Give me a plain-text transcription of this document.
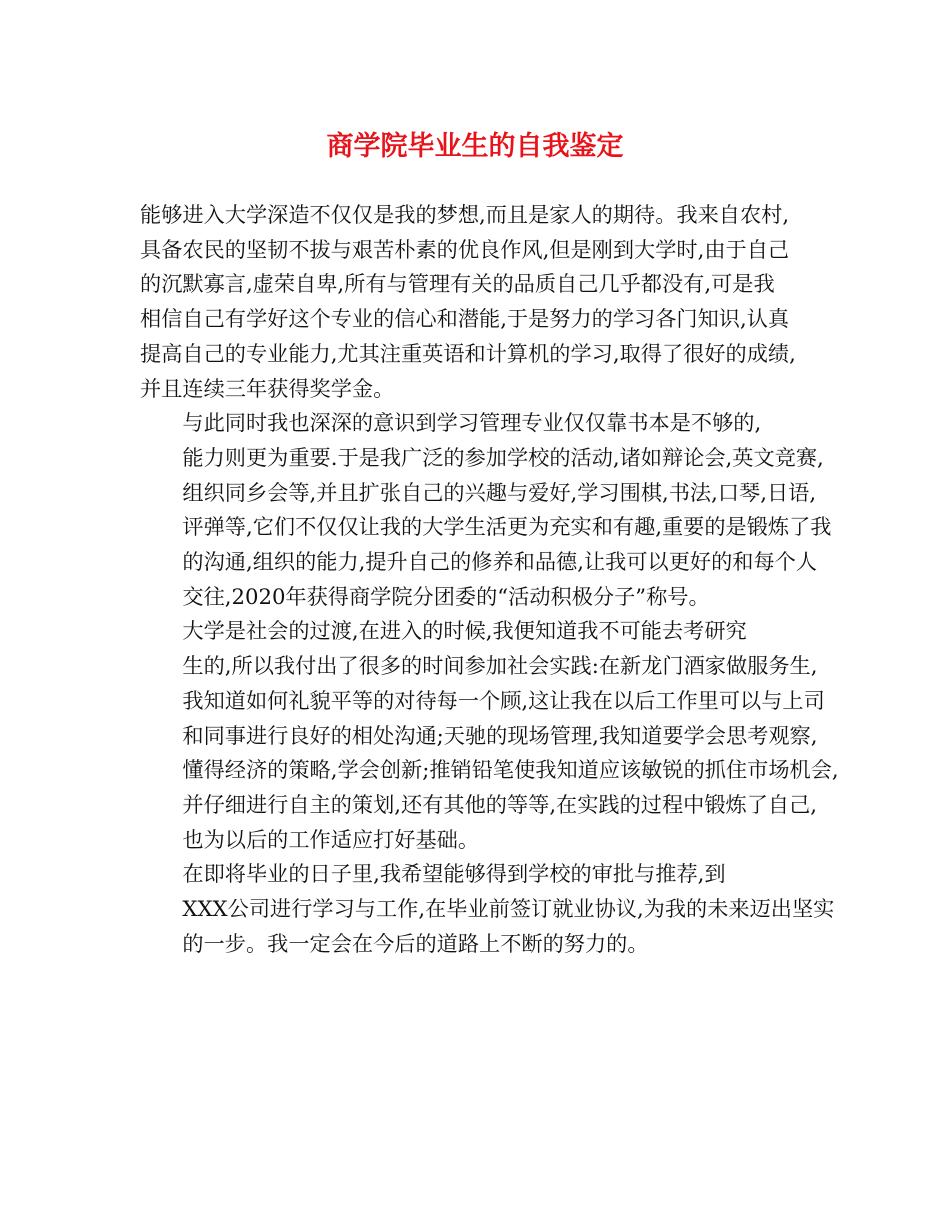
商学院毕业生的自我鉴定

能够进入大学深造不仅仅是我的梦想,而且是家人的期待。我来自农村,
具备农民的坚韧不拔与艰苦朴素的优良作风,但是刚到大学时,由于自己
的沉默寡言,虚荣自卑,所有与管理有关的品质自己几乎都没有,可是我
相信自己有学好这个专业的信心和潜能,于是努力的学习各门知识,认真
提高自己的专业能力,尤其注重英语和计算机的学习,取得了很好的成绩,
并且连续三年获得奖学金。

与此同时我也深深的意识到学习管理专业仅仅靠书本是不够的,
能力则更为重要.于是我广泛的参加学校的活动,诸如辩论会,英文竞赛,
组织同乡会等,并且扩张自己的兴趣与爱好,学习围棋,书法,口琴,日语,
评弹等,它们不仅仅让我的大学生活更为充实和有趣,重要的是锻炼了我
的沟通,组织的能力,提升自己的修养和品德,让我可以更好的和每个人
交往,2020年获得商学院分团委的“活动积极分子”称号。

大学是社会的过渡,在进入的时候,我便知道我不可能去考研究
生的,所以我付出了很多的时间参加社会实践:在新龙门酒家做服务生,
我知道如何礼貌平等的对待每一个顾,这让我在以后工作里可以与上司
和同事进行良好的相处沟通;天驰的现场管理,我知道要学会思考观察,
懂得经济的策略,学会创新;推销铅笔使我知道应该敏锐的抓住市场机会,
并仔细进行自主的策划,还有其他的等等,在实践的过程中锻炼了自己,
也为以后的工作适应打好基础。

在即将毕业的日子里,我希望能够得到学校的审批与推荐,到
XXX公司进行学习与工作,在毕业前签订就业协议,为我的未来迈出坚实
的一步。我一定会在今后的道路上不断的努力的。
